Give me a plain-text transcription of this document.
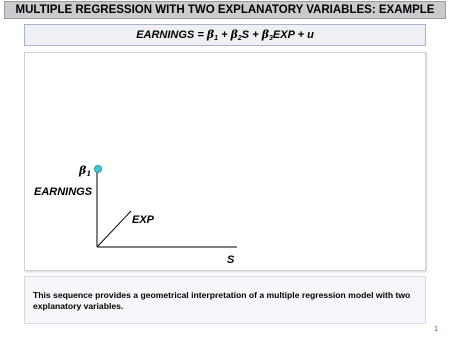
MULTIPLE REGRESSION WITH TWO EXPLANATORY VARIABLES: EXAMPLE
EARNINGS = $\beta_1 + \beta_2S + \beta_3EXP + u$
β1
EARNINGS
EXP
S
This sequence provides a geometrical interpretation of a multiple regression model with two explanatory variables.
1
